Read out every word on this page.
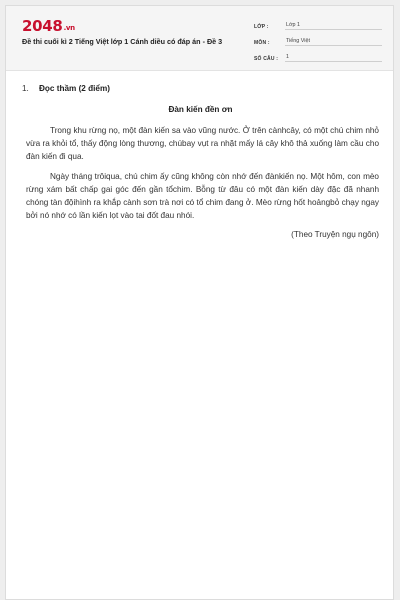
2048.vn
Đề thi cuối kì 2 Tiếng Việt lớp 1 Cánh diều có đáp án - Đề 3
LỚP :	Lớp 1
MÔN :	Tiếng Việt
SỐ CÂU :	1
1.	Đọc thầm (2 điểm)
Đàn kiến đền ơn

Trong khu rừng nọ, một đàn kiến sa vào vũng nước. Ở trên cànhcây, có một chú chim nhỏ vừa ra khỏi tổ, thấy động lòng thương, chúbay vụt ra nhặt mấy lá cây khô thả xuống làm cầu cho đàn kiến đi qua.

Ngày tháng trôiqua, chú chim ấy cũng không còn nhớ đến đànkiến nọ. Một hôm, con mèo rừng xám bất chấp gai góc đến gần tổchim. Bỗng từ đâu có một đàn kiến dày đặc đã nhanh chóng tàn độihình ra khắp cành sơn trà nơi có tổ chim đang ở. Mèo rừng hốt hoảngbỏ chạy ngay bởi nó nhớ có lần kiến lọt vào tai đốt đau nhói.

(Theo Truyện ngụ ngôn)
